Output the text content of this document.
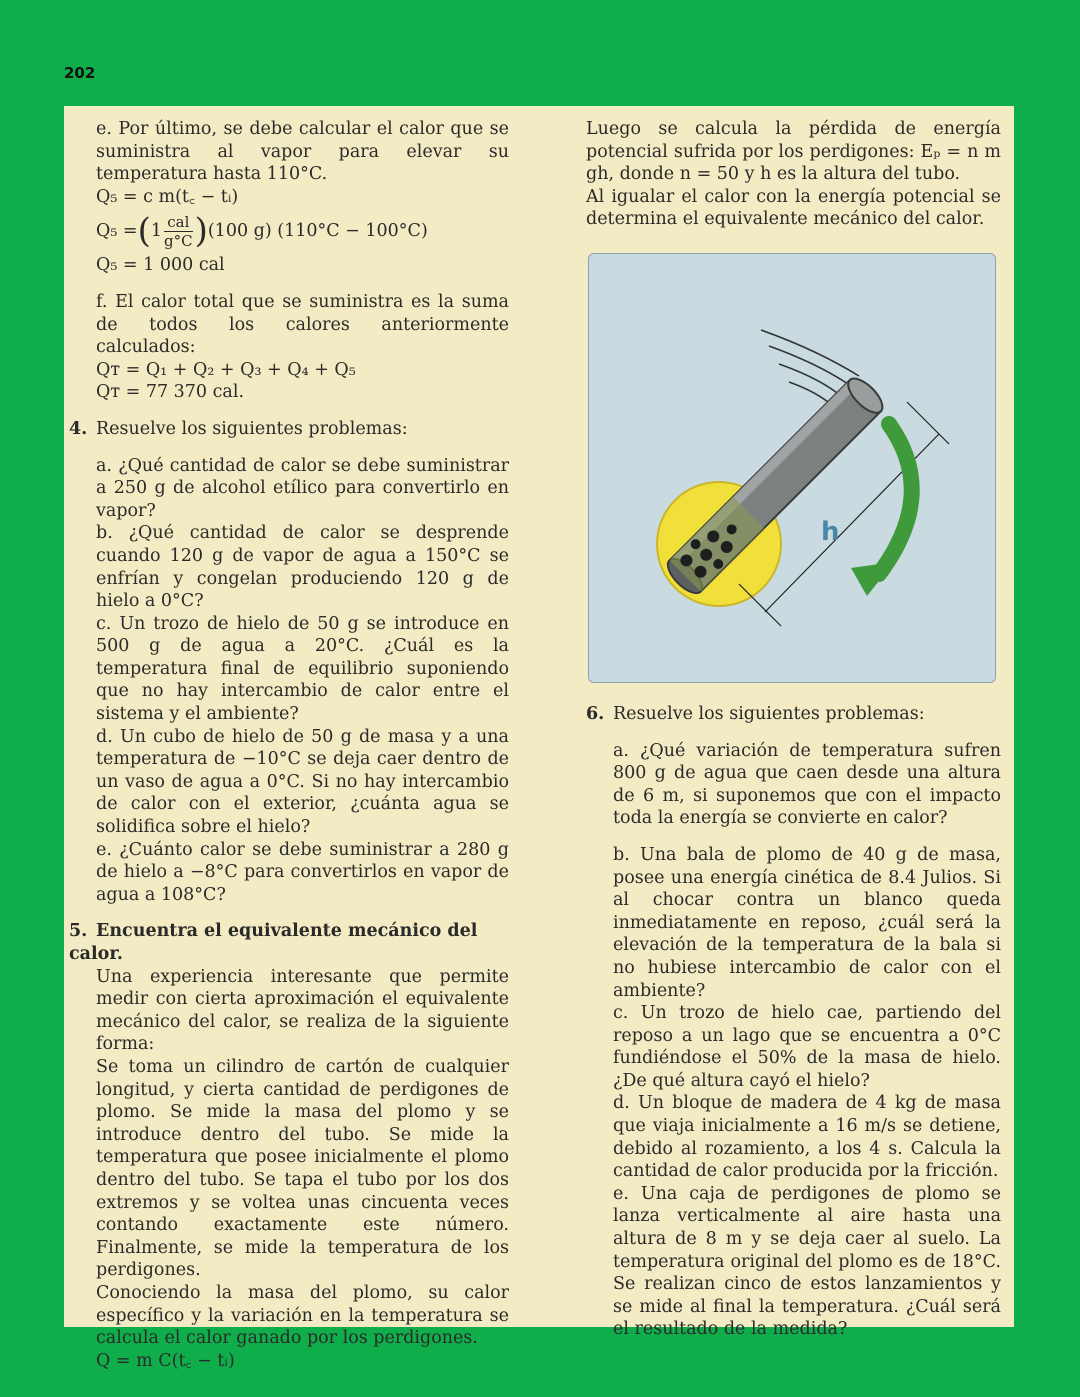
202

e. Por último, se debe calcular el calor que se suministra al vapor para elevar su temperatura hasta 110°C.

Q₅ = c m(t꜀ − tᵢ)

Q₅ = ( $1 \frac{\text{cal}}{g^\circ C}$ ) (100 g) (110°C − 100°C)

Q₅ = 1 000 cal

f. El calor total que se suministra es la suma de todos los calores anteriormente calculados:

Qт = Q₁ + Q₂ + Q₃ + Q₄ + Q₅

Qт = 77 370 cal.

4. Resuelve los siguientes problemas:

a. ¿Qué cantidad de calor se debe suministrar a 250 g de alcohol etílico para convertirlo en vapor?

b. ¿Qué cantidad de calor se desprende cuando 120 g de vapor de agua a 150°C se enfrían y congelan produciendo 120 g de hielo a 0°C?

c. Un trozo de hielo de 50 g se introduce en 500 g de agua a 20°C. ¿Cuál es la temperatura final de equilibrio suponiendo que no hay intercambio de calor entre el sistema y el ambiente?

d. Un cubo de hielo de 50 g de masa y a una temperatura de −10°C se deja caer dentro de un vaso de agua a 0°C. Si no hay intercambio de calor con el exterior, ¿cuánta agua se solidifica sobre el hielo?

e. ¿Cuánto calor se debe suministrar a 280 g de hielo a −8°C para convertirlos en vapor de agua a 108°C?

5. Encuentra el equivalente mecánico del calor.

Una experiencia interesante que permite medir con cierta aproximación el equivalente mecánico del calor, se realiza de la siguiente forma:

Se toma un cilindro de cartón de cualquier longitud, y cierta cantidad de perdigones de plomo. Se mide la masa del plomo y se introduce dentro del tubo. Se mide la temperatura que posee inicialmente el plomo dentro del tubo. Se tapa el tubo por los dos extremos y se voltea unas cincuenta veces contando exactamente este número. Finalmente, se mide la temperatura de los perdigones.

Conociendo la masa del plomo, su calor específico y la variación en la temperatura se calcula el calor ganado por los perdigones.

Q = m C(t꜀ − tᵢ)

Luego se calcula la pérdida de energía potencial sufrida por los perdigones: Eₚ = n m gh, donde n = 50 y h es la altura del tubo.

Al igualar el calor con la energía potencial se determina el equivalente mecánico del calor.

h

6. Resuelve los siguientes problemas:

a. ¿Qué variación de temperatura sufren 800 g de agua que caen desde una altura de 6 m, si suponemos que con el impacto toda la energía se convierte en calor?

b. Una bala de plomo de 40 g de masa, posee una energía cinética de 8.4 Julios. Si al chocar contra un blanco queda inmediatamente en reposo, ¿cuál será la elevación de la temperatura de la bala si no hubiese intercambio de calor con el ambiente?

c. Un trozo de hielo cae, partiendo del reposo a un lago que se encuentra a 0°C fundiéndose el 50% de la masa de hielo. ¿De qué altura cayó el hielo?

d. Un bloque de madera de 4 kg de masa que viaja inicialmente a 16 m/s se detiene, debido al rozamiento, a los 4 s. Calcula la cantidad de calor producida por la fricción.

e. Una caja de perdigones de plomo se lanza verticalmente al aire hasta una altura de 8 m y se deja caer al suelo. La temperatura original del plomo es de 18°C. Se realizan cinco de estos lanzamientos y se mide al final la temperatura. ¿Cuál será el resultado de la medida?
